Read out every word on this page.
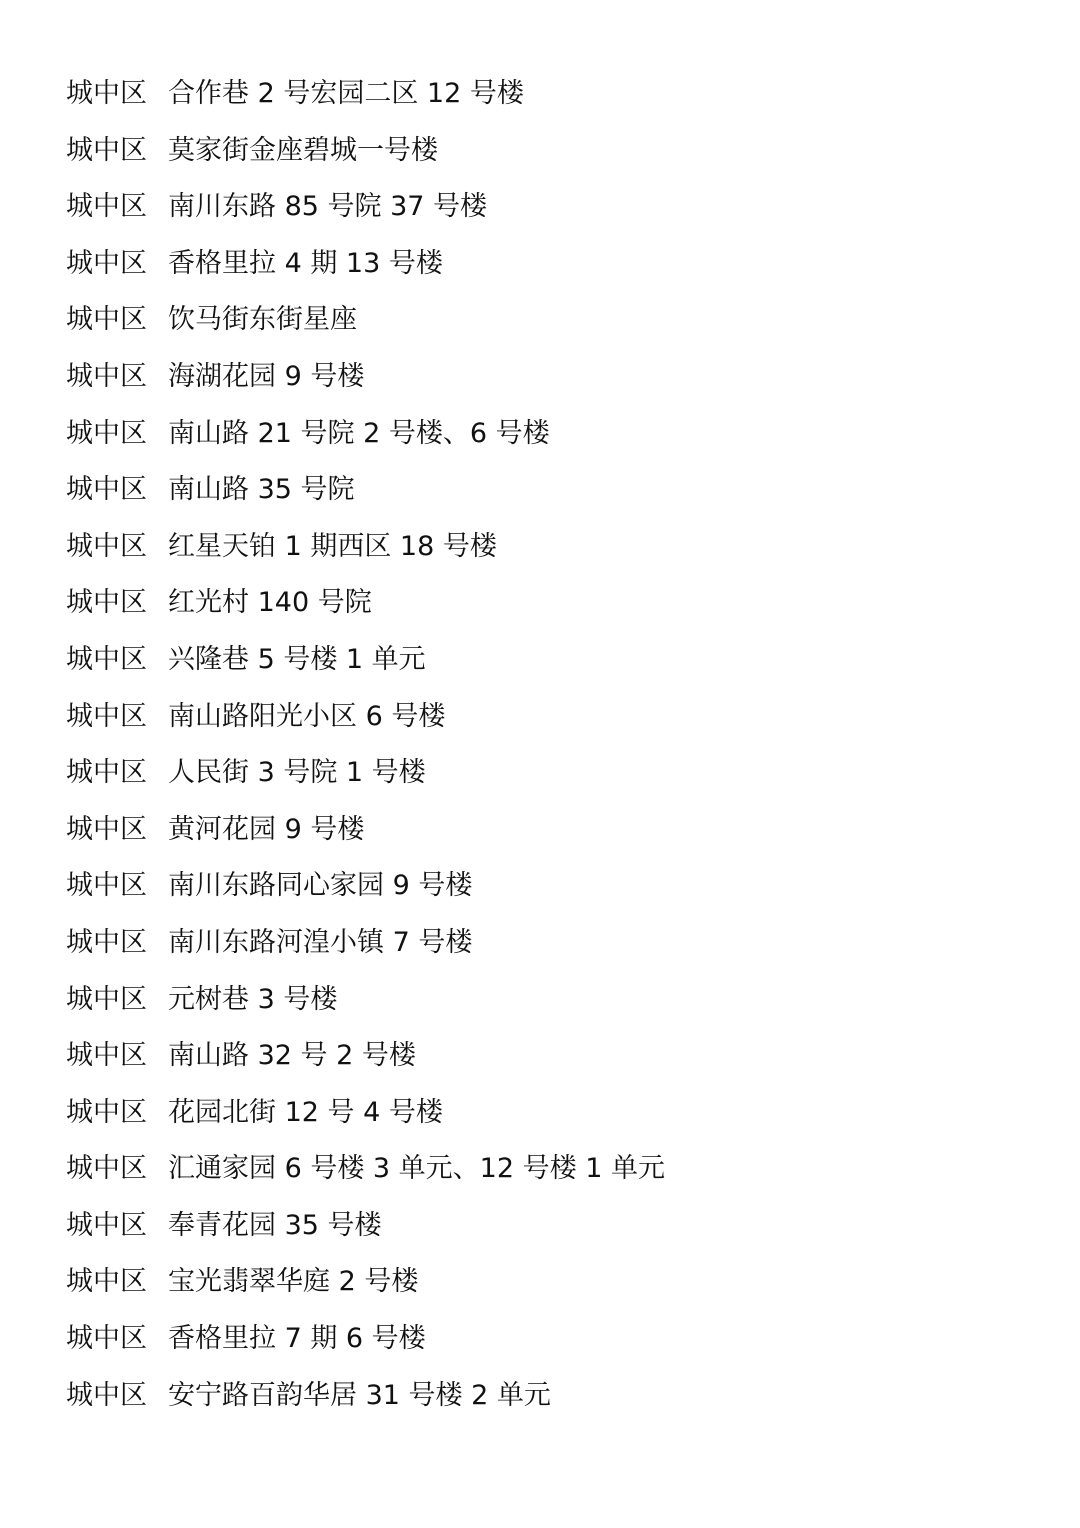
城中区 合作巷 2 号宏园二区 12 号楼
城中区 莫家街金座碧城一号楼
城中区 南川东路 85 号院 37 号楼
城中区 香格里拉 4 期 13 号楼
城中区 饮马街东街星座
城中区 海湖花园 9 号楼
城中区 南山路 21 号院 2 号楼、6 号楼
城中区 南山路 35 号院
城中区 红星天铂 1 期西区 18 号楼
城中区 红光村 140 号院
城中区 兴隆巷 5 号楼 1 单元
城中区 南山路阳光小区 6 号楼
城中区 人民街 3 号院 1 号楼
城中区 黄河花园 9 号楼
城中区 南川东路同心家园 9 号楼
城中区 南川东路河湟小镇 7 号楼
城中区 元树巷 3 号楼
城中区 南山路 32 号 2 号楼
城中区 花园北街 12 号 4 号楼
城中区 汇通家园 6 号楼 3 单元、12 号楼 1 单元
城中区 奉青花园 35 号楼
城中区 宝光翡翠华庭 2 号楼
城中区 香格里拉 7 期 6 号楼
城中区 安宁路百韵华居 31 号楼 2 单元
